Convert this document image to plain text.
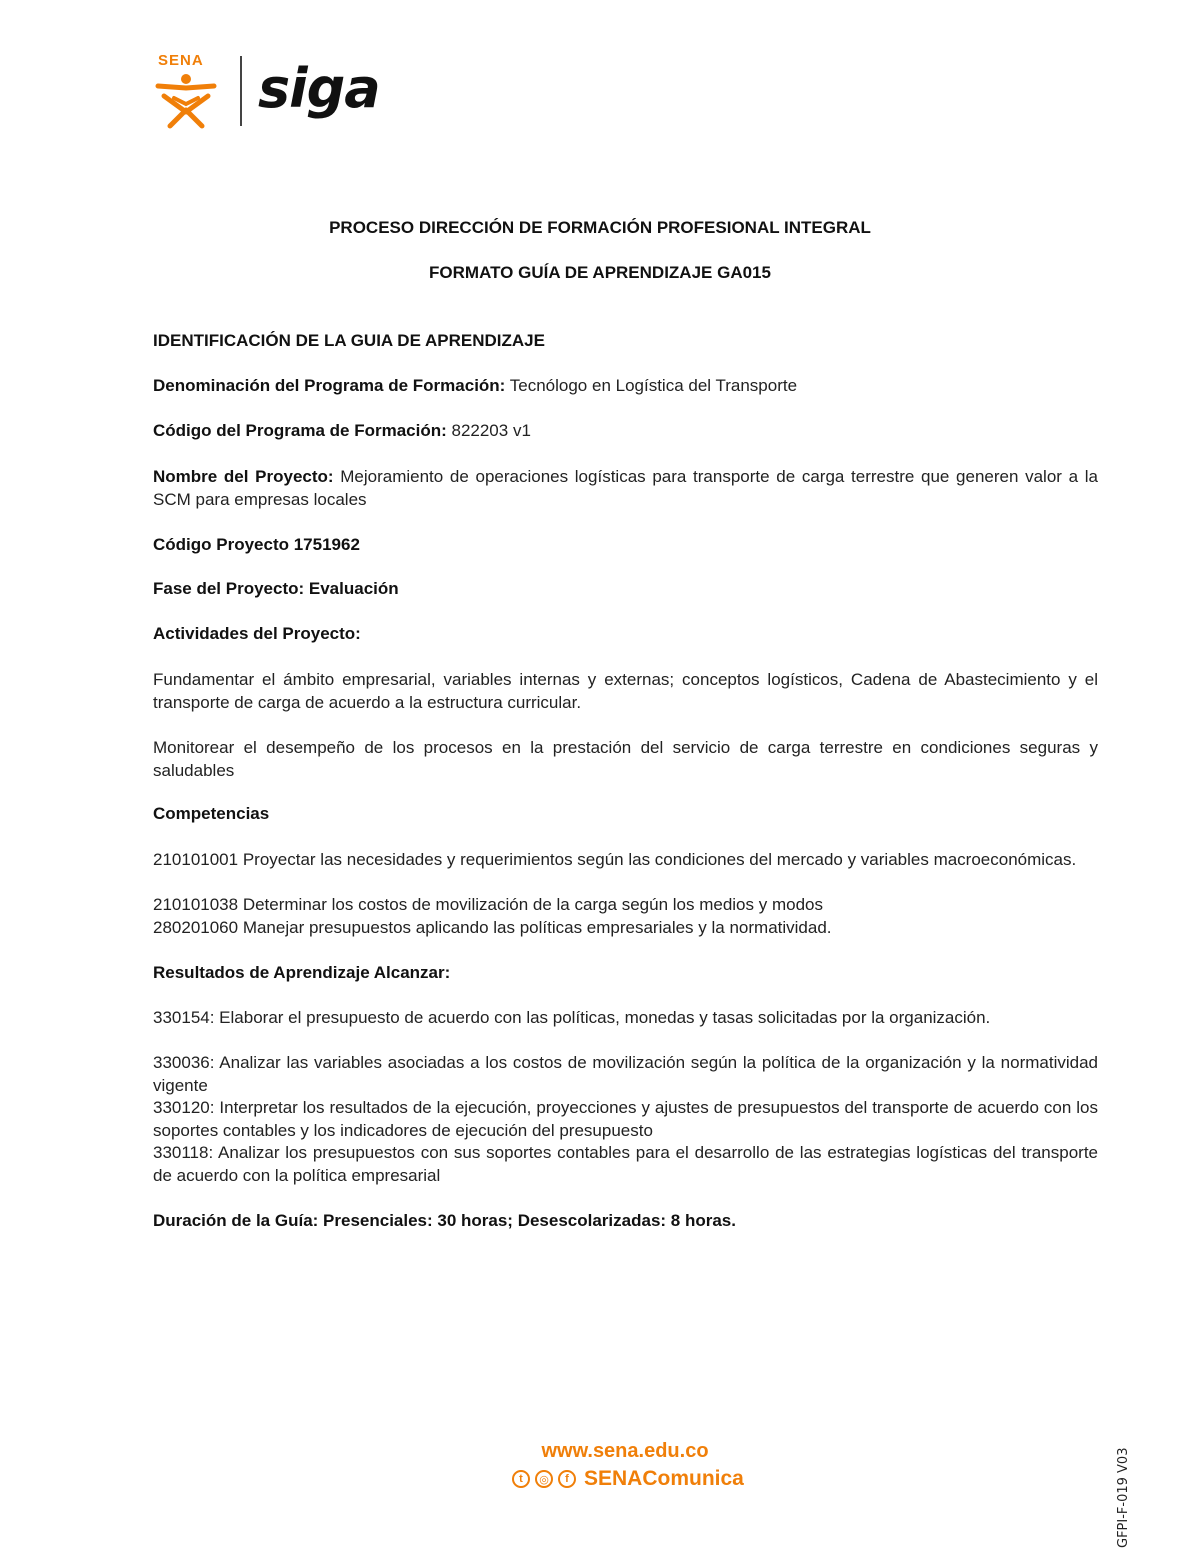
SENA siga
PROCESO DIRECCIÓN DE FORMACIÓN PROFESIONAL INTEGRAL
FORMATO GUÍA DE APRENDIZAJE GA015
IDENTIFICACIÓN DE LA GUIA DE APRENDIZAJE
Denominación del Programa de Formación: Tecnólogo en Logística del Transporte
Código del Programa de Formación: 822203 v1
Nombre del Proyecto: Mejoramiento de operaciones logísticas para transporte de carga terrestre que generen valor a la SCM para empresas locales
Código Proyecto 1751962
Fase del Proyecto: Evaluación
Actividades del Proyecto:
Fundamentar el ámbito empresarial, variables internas y externas; conceptos logísticos, Cadena de Abastecimiento y el transporte de carga de acuerdo a la estructura curricular.
Monitorear el desempeño de los procesos en la prestación del servicio de carga terrestre en condiciones seguras y saludables
Competencias
210101001 Proyectar las necesidades y requerimientos según las condiciones del mercado y variables macroeconómicas.
210101038 Determinar los costos de movilización de la carga según los medios y modos
280201060 Manejar presupuestos aplicando las políticas empresariales y la normatividad.
Resultados de Aprendizaje Alcanzar:
330154: Elaborar el presupuesto de acuerdo con las políticas, monedas y tasas solicitadas por la organización.
330036: Analizar las variables asociadas a los costos de movilización según la política de la organización y la normatividad vigente
330120: Interpretar los resultados de la ejecución, proyecciones y ajustes de presupuestos del transporte de acuerdo con los soportes contables y los indicadores de ejecución del presupuesto
330118: Analizar los presupuestos con sus soportes contables para el desarrollo de las estrategias logísticas del transporte de acuerdo con la política empresarial
Duración de la Guía: Presenciales: 30 horas; Desescolarizadas: 8 horas.
www.sena.edu.co
t	◎	f SENAComunica	GFPI-F-019 V03
